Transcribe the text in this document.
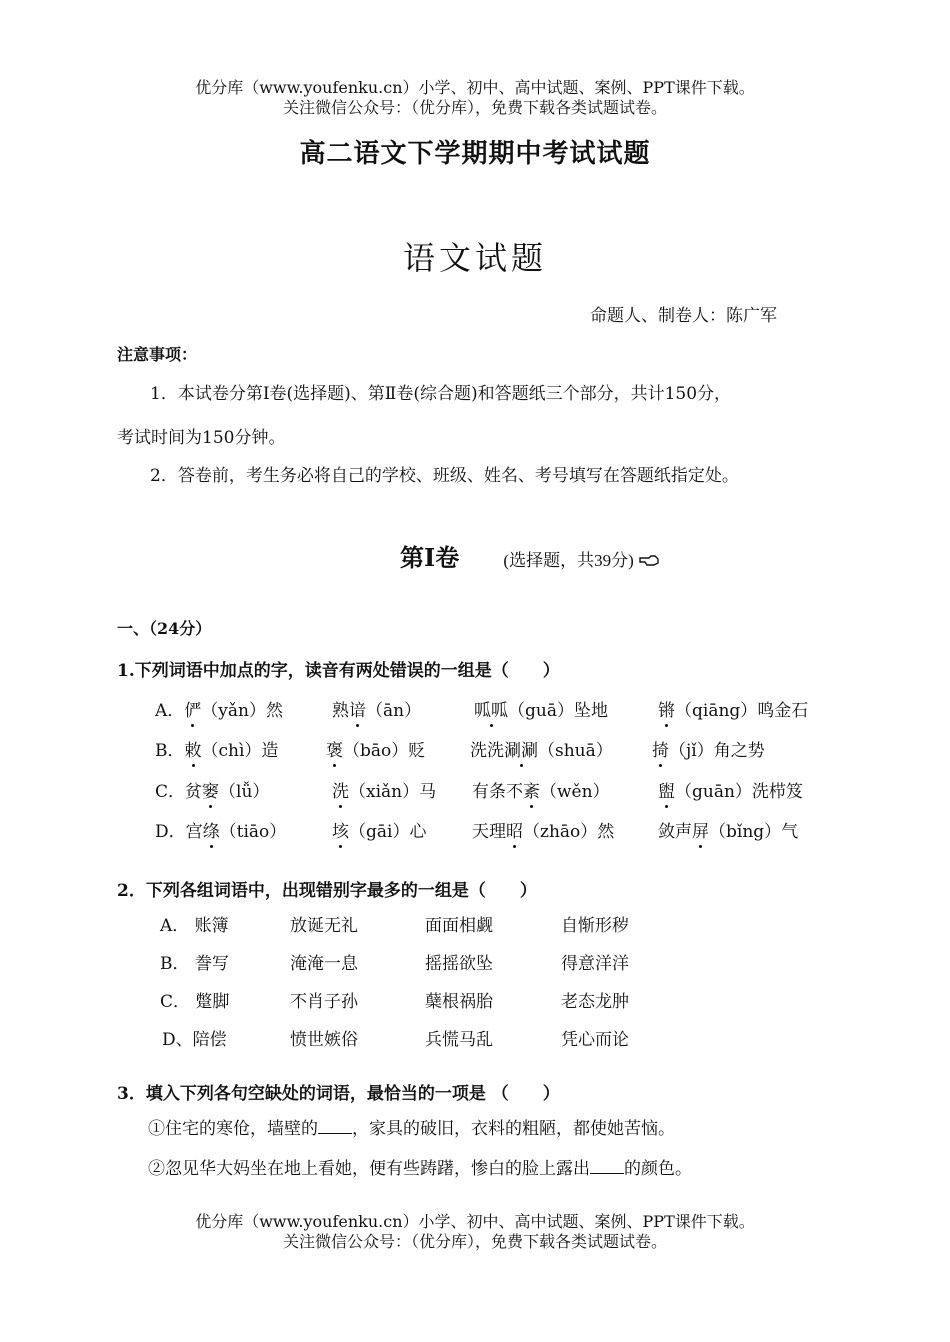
优分库（www.youfenku.cn）小学、初中、高中试题、案例、PPT课件下载。
关注微信公众号：（优分库），免费下载各类试题试卷。
高二语文下学期期中考试试题
语文试题
命题人、制卷人：陈广军
注意事项：
1．本试卷分第Ⅰ卷(选择题)、第Ⅱ卷(综合题)和答题纸三个部分，共计150分，
考试时间为150分钟。
2．答卷前，考生务必将自己的学校、班级、姓名、考号填写在答题纸指定处。
第Ⅰ卷	(选择题，共39分)
一、（24分）
1.下列词语中加点的字，读音有两处错误的一组是（　　）
A．俨（yǎn）然	熟谙（ān）	呱呱（guā）坠地	锵（qiāng）鸣金石
B．敕（chì）造	褒（bāo）贬	洗洗涮涮（shuā） 掎（jǐ）角之势
C．贫窭（lǚ）	洗（xiǎn）马 有条不紊（wěn）	盥（guān）洗栉笈
D．宫绦（tiāo）	垓（gāi）心	天理昭（zhāo）然	敛声屏（bǐng）气
2．下列各组词语中，出现错别字最多的一组是（　　）
A． 账簿	放诞无礼	面面相觑	自惭形秽
B． 誊写	淹淹一息	摇摇欲坠	得意洋洋
C． 蹩脚	不肖子孙	蘖根祸胎	老态龙肿
D、陪偿	愤世嫉俗	兵慌马乱	凭心而论
3．填入下列各句空缺处的词语，最恰当的一项是 （　　）
①住宅的寒伧，墙壁的 ，家具的破旧，衣料的粗陋，都使她苦恼。
②忽见华大妈坐在地上看她，便有些踌躇，惨白的脸上露出 的颜色。
优分库（www.youfenku.cn）小学、初中、高中试题、案例、PPT课件下载。
关注微信公众号：（优分库），免费下载各类试题试卷。
